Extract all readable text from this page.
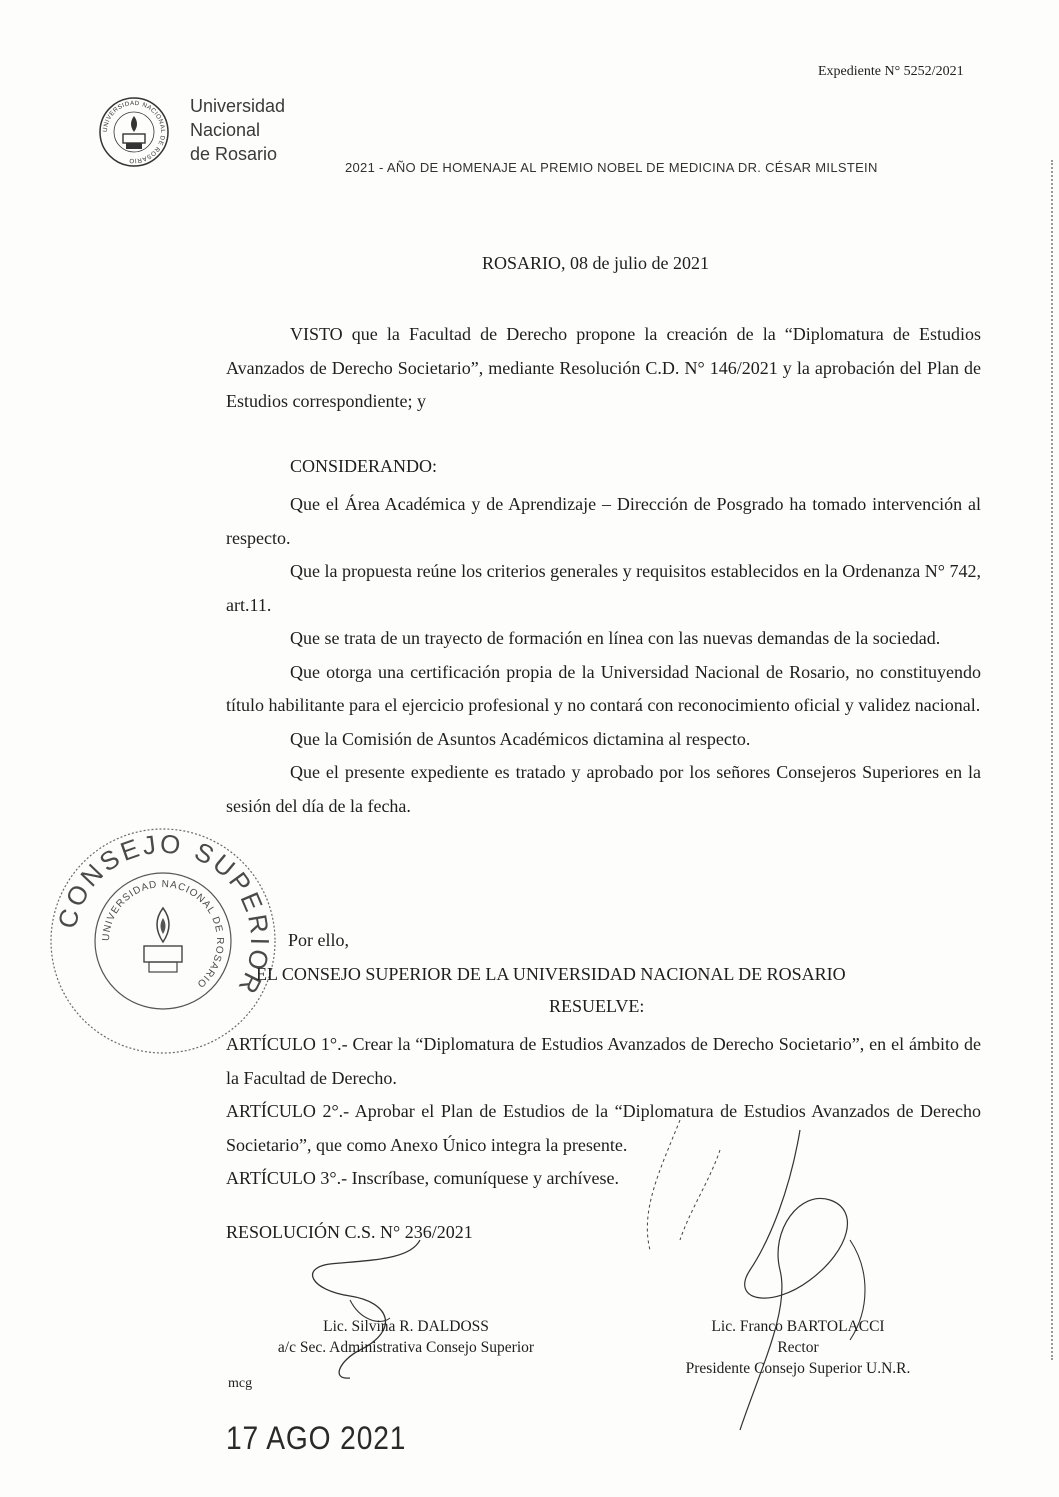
Expediente N° 5252/2021
UNIVERSIDAD NACIONAL DE ROSARIO
Universidad
Nacional
de Rosario
2021 - AÑO DE HOMENAJE AL PREMIO NOBEL DE MEDICINA DR. CÉSAR MILSTEIN
ROSARIO, 08 de julio de 2021

VISTO que la Facultad de Derecho propone la creación de la “Diplomatura de Estudios Avanzados de Derecho Societario”, mediante Resolución C.D. N° 146/2021 y la aprobación del Plan de Estudios correspondiente; y

CONSIDERANDO:

Que el Área Académica y de Aprendizaje – Dirección de Posgrado ha tomado intervención al respecto.

Que la propuesta reúne los criterios generales y requisitos establecidos en la Ordenanza N° 742, art.11.

Que se trata de un trayecto de formación en línea con las nuevas demandas de la sociedad.

Que otorga una certificación propia de la Universidad Nacional de Rosario, no constituyendo título habilitante para el ejercicio profesional y no contará con reconocimiento oficial y validez nacional.

Que la Comisión de Asuntos Académicos dictamina al respecto.

Que el presente expediente es tratado y aprobado por los señores Consejeros Superiores en la sesión del día de la fecha.

CONSEJO SUPERIOR
UNIVERSIDAD NACIONAL DE ROSARIO
Por ello,
EL CONSEJO SUPERIOR DE LA UNIVERSIDAD NACIONAL DE ROSARIO
RESUELVE:

ARTÍCULO 1°.- Crear la “Diplomatura de Estudios Avanzados de Derecho Societario”, en el ámbito de la Facultad de Derecho.

ARTÍCULO 2°.- Aprobar el Plan de Estudios de la “Diplomatura de Estudios Avanzados de Derecho Societario”, que como Anexo Único integra la presente.

ARTÍCULO 3°.- Inscríbase, comuníquese y archívese.

RESOLUCIÓN C.S. N° 236/2021
Lic. Silvina R. DALDOSS
a/c Sec. Administrativa Consejo Superior
Lic. Franco BARTOLACCI
Rector
Presidente Consejo Superior U.N.R.
mcg
17 AGO 2021
